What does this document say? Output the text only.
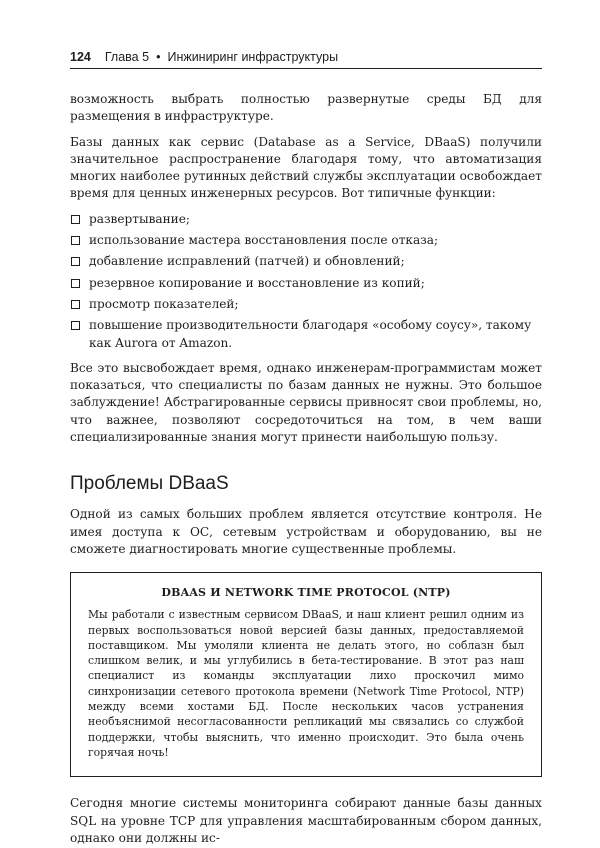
124 Глава 5 • Инжиниринг инфраструктуры

возможность выбрать полностью развернутые среды БД для размещения в инфраструктуре.

Базы данных как сервис (Database as a Service, DBaaS) получили значительное распространение благодаря тому, что автоматизация многих наиболее рутинных действий службы эксплуатации освобождает время для ценных инженерных ресурсов. Вот типичные функции:

развертывание;
использование мастера восстановления после отказа;
добавление исправлений (патчей) и обновлений;
резервное копирование и восстановление из копий;
просмотр показателей;
повышение производительности благодаря «особому соусу», такому как Aurora от Amazon.

Все это высвобождает время, однако инженерам-программистам может показаться, что специалисты по базам данных не нужны. Это большое заблуждение! Абстрагированные сервисы привносят свои проблемы, но, что важнее, позволяют сосредоточиться на том, в чем ваши специализированные знания могут принести наибольшую пользу.

Проблемы DBaaS

Одной из самых больших проблем является отсутствие контроля. Не имея доступа к ОС, сетевым устройствам и оборудованию, вы не сможете диагностировать многие существенные проблемы.

DBAAS И NETWORK TIME PROTOCOL (NTP)

Мы работали с известным сервисом DBaaS, и наш клиент решил одним из первых воспользоваться новой версией базы данных, предоставляемой поставщиком. Мы умоляли клиента не делать этого, но соблазн был слишком велик, и мы углубились в бета-тестирование. В этот раз наш специалист из команды эксплуатации лихо проскочил мимо синхронизации сетевого протокола времени (Network Time Protocol, NTP) между всеми хостами БД. После нескольких часов устранения необъяснимой несогласованности репликаций мы связались со службой поддержки, чтобы выяснить, что именно происходит. Это была очень горячая ночь!

Сегодня многие системы мониторинга собирают данные базы данных SQL на уровне TCP для управления масштабированным сбором данных, однако они должны ис-
